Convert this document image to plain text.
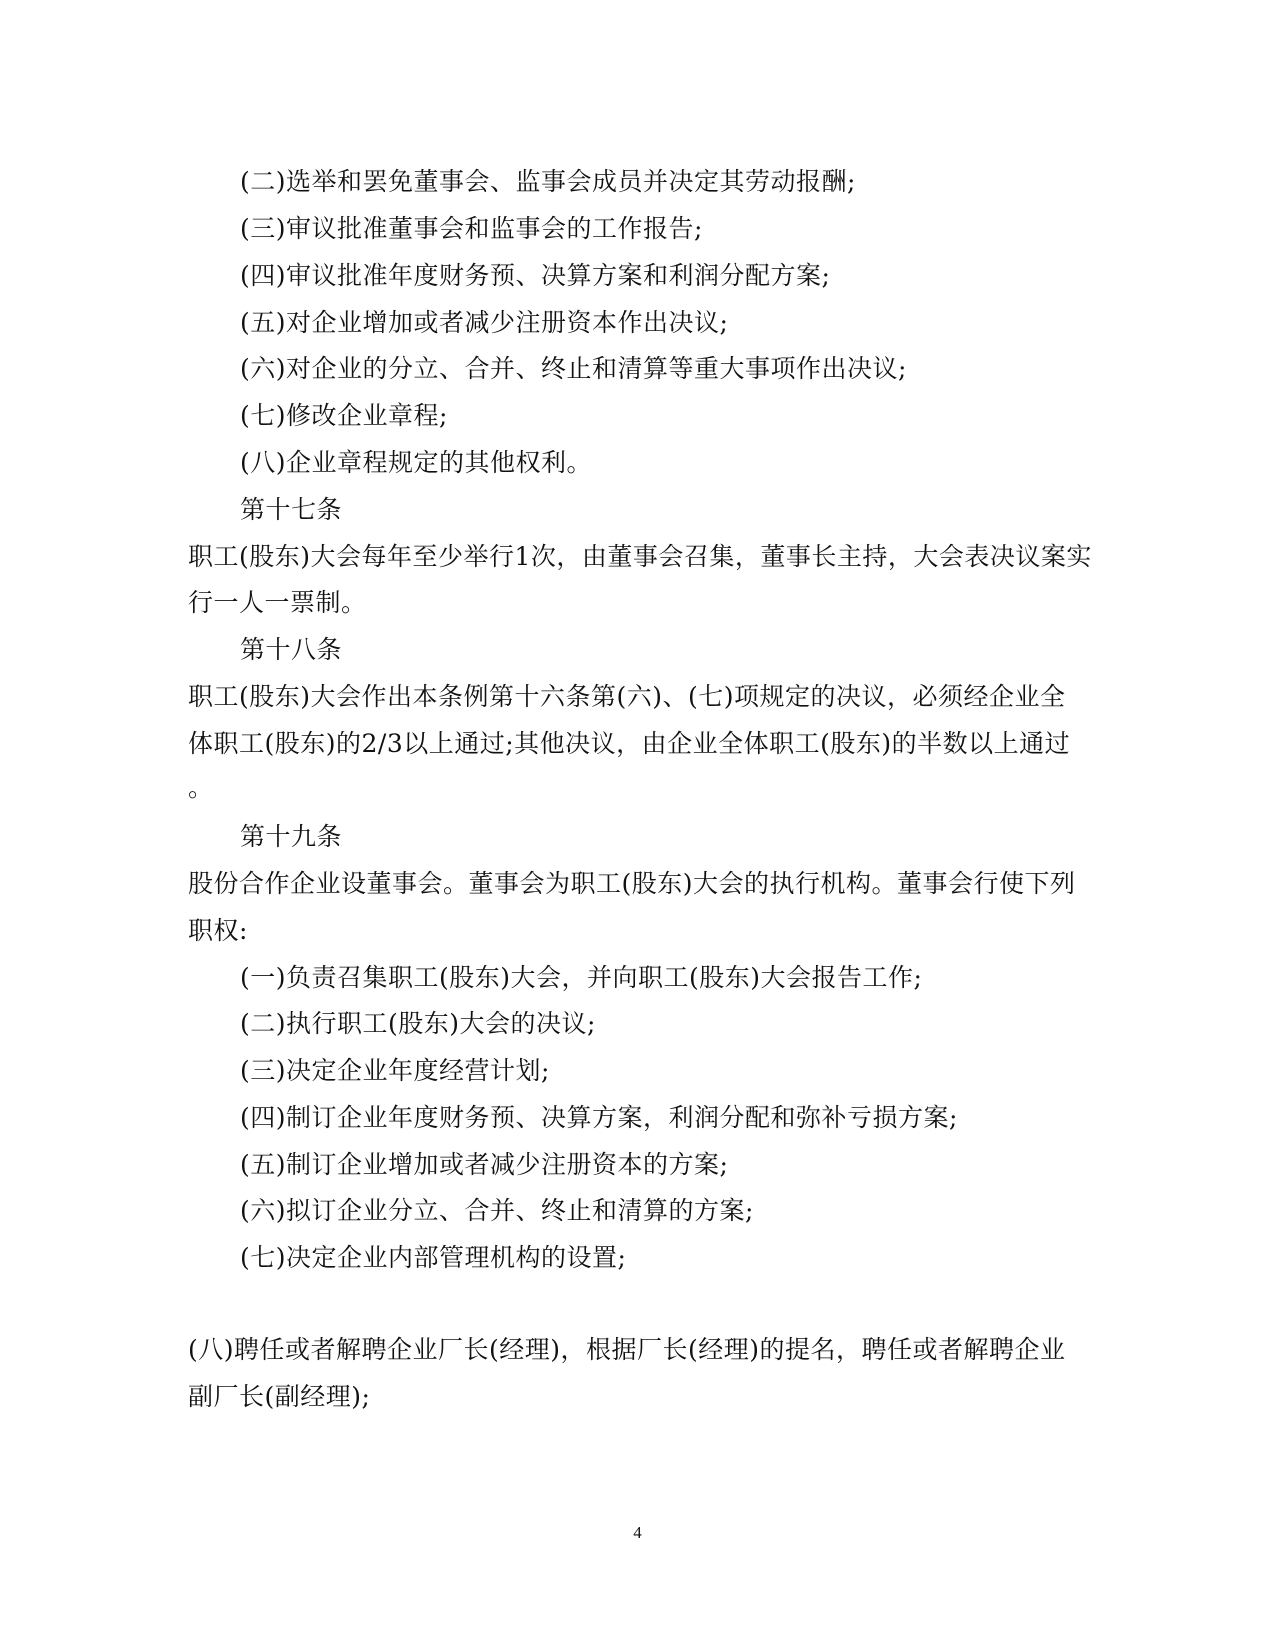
(二)选举和罢免董事会、监事会成员并决定其劳动报酬;
(三)审议批准董事会和监事会的工作报告;
(四)审议批准年度财务预、决算方案和利润分配方案;
(五)对企业增加或者减少注册资本作出决议;
(六)对企业的分立、合并、终止和清算等重大事项作出决议;
(七)修改企业章程;
(八)企业章程规定的其他权利。
第十七条
职工(股东)大会每年至少举行1次，由董事会召集，董事长主持，大会表决议案实
行一人一票制。
第十八条
职工(股东)大会作出本条例第十六条第(六)、(七)项规定的决议，必须经企业全
体职工(股东)的2/3以上通过;其他决议，由企业全体职工(股东)的半数以上通过
。
第十九条
股份合作企业设董事会。董事会为职工(股东)大会的执行机构。董事会行使下列
职权:
(一)负责召集职工(股东)大会，并向职工(股东)大会报告工作;
(二)执行职工(股东)大会的决议;
(三)决定企业年度经营计划;
(四)制订企业年度财务预、决算方案，利润分配和弥补亏损方案;
(五)制订企业增加或者减少注册资本的方案;
(六)拟订企业分立、合并、终止和清算的方案;
(七)决定企业内部管理机构的设置;
(八)聘任或者解聘企业厂长(经理)，根据厂长(经理)的提名，聘任或者解聘企业
副厂长(副经理);
4
